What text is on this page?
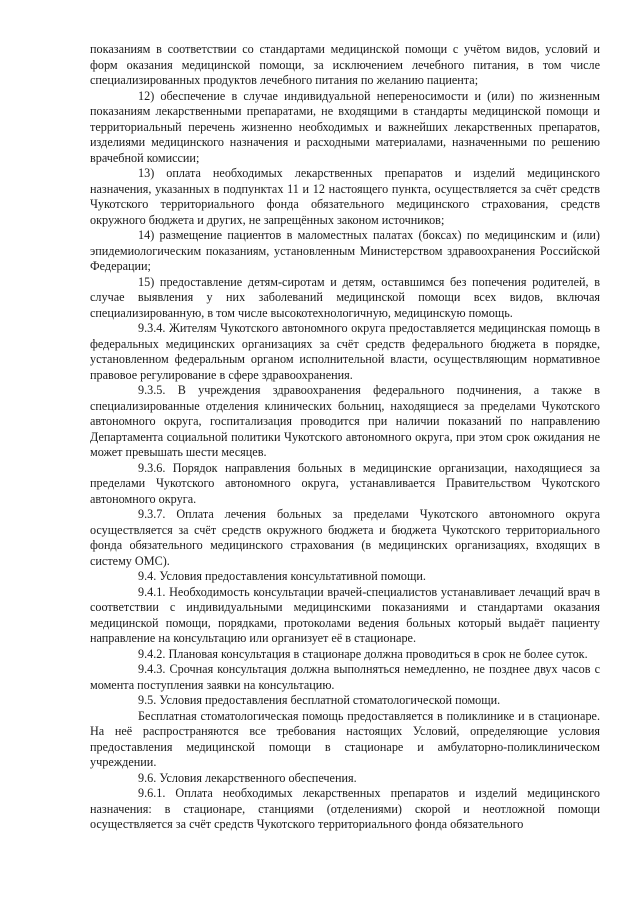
показаниям в соответствии со стандартами медицинской помощи с учётом видов, условий и форм оказания медицинской помощи, за исключением лечебного питания, в том числе специализированных продуктов лечебного питания по желанию пациента;

12) обеспечение в случае индивидуальной непереносимости и (или) по жизненным показаниям лекарственными препаратами, не входящими в стандарты медицинской помощи и территориальный перечень жизненно необходимых и важнейших лекарственных препаратов, изделиями медицинского назначения и расходными материалами, назначенными по решению врачебной комиссии;

13) оплата необходимых лекарственных препаратов и изделий медицинского назначения, указанных в подпунктах 11 и 12 настоящего пункта, осуществляется за счёт средств Чукотского территориального фонда обязательного медицинского страхования, средств окружного бюджета и других, не запрещённых законом источников;

14) размещение пациентов в маломестных палатах (боксах) по медицинским и (или) эпидемиологическим показаниям, установленным Министерством здравоохранения Российской Федерации;

15) предоставление детям-сиротам и детям, оставшимся без попечения родителей, в случае выявления у них заболеваний медицинской помощи всех видов, включая специализированную, в том числе высокотехнологичную, медицинскую помощь.

9.3.4. Жителям Чукотского автономного округа предоставляется медицинская помощь в федеральных медицинских организациях за счёт средств федерального бюджета в порядке, установленном федеральным органом исполнительной власти, осуществляющим нормативное правовое регулирование в сфере здравоохранения.

9.3.5. В учреждения здравоохранения федерального подчинения, а также в специализированные отделения клинических больниц, находящиеся за пределами Чукотского автономного округа, госпитализация проводится при наличии показаний по направлению Департамента социальной политики Чукотского автономного округа, при этом срок ожидания не может превышать шести месяцев.

9.3.6. Порядок направления больных в медицинские организации, находящиеся за пределами Чукотского автономного округа, устанавливается Правительством Чукотского автономного округа.

9.3.7. Оплата лечения больных за пределами Чукотского автономного округа осуществляется за счёт средств окружного бюджета и бюджета Чукотского территориального фонда обязательного медицинского страхования (в медицинских организациях, входящих в систему ОМС).

9.4. Условия предоставления консультативной помощи.

9.4.1. Необходимость консультации врачей-специалистов устанавливает лечащий врач в соответствии с индивидуальными медицинскими показаниями и стандартами оказания медицинской помощи, порядками, протоколами ведения больных который выдаёт пациенту направление на консультацию или организует её в стационаре.

9.4.2. Плановая консультация в стационаре должна проводиться в срок не более суток.

9.4.3. Срочная консультация должна выполняться немедленно, не позднее двух часов с момента поступления заявки на консультацию.

9.5. Условия предоставления бесплатной стоматологической помощи.

Бесплатная стоматологическая помощь предоставляется в поликлинике и в стационаре. На неё распространяются все требования настоящих Условий, определяющие условия предоставления медицинской помощи в стационаре и амбулаторно-поликлиническом учреждении.

9.6. Условия лекарственного обеспечения.

9.6.1. Оплата необходимых лекарственных препаратов и изделий медицинского назначения: в стационаре, станциями (отделениями) скорой и неотложной помощи осуществляется за счёт средств Чукотского территориального фонда обязательного
